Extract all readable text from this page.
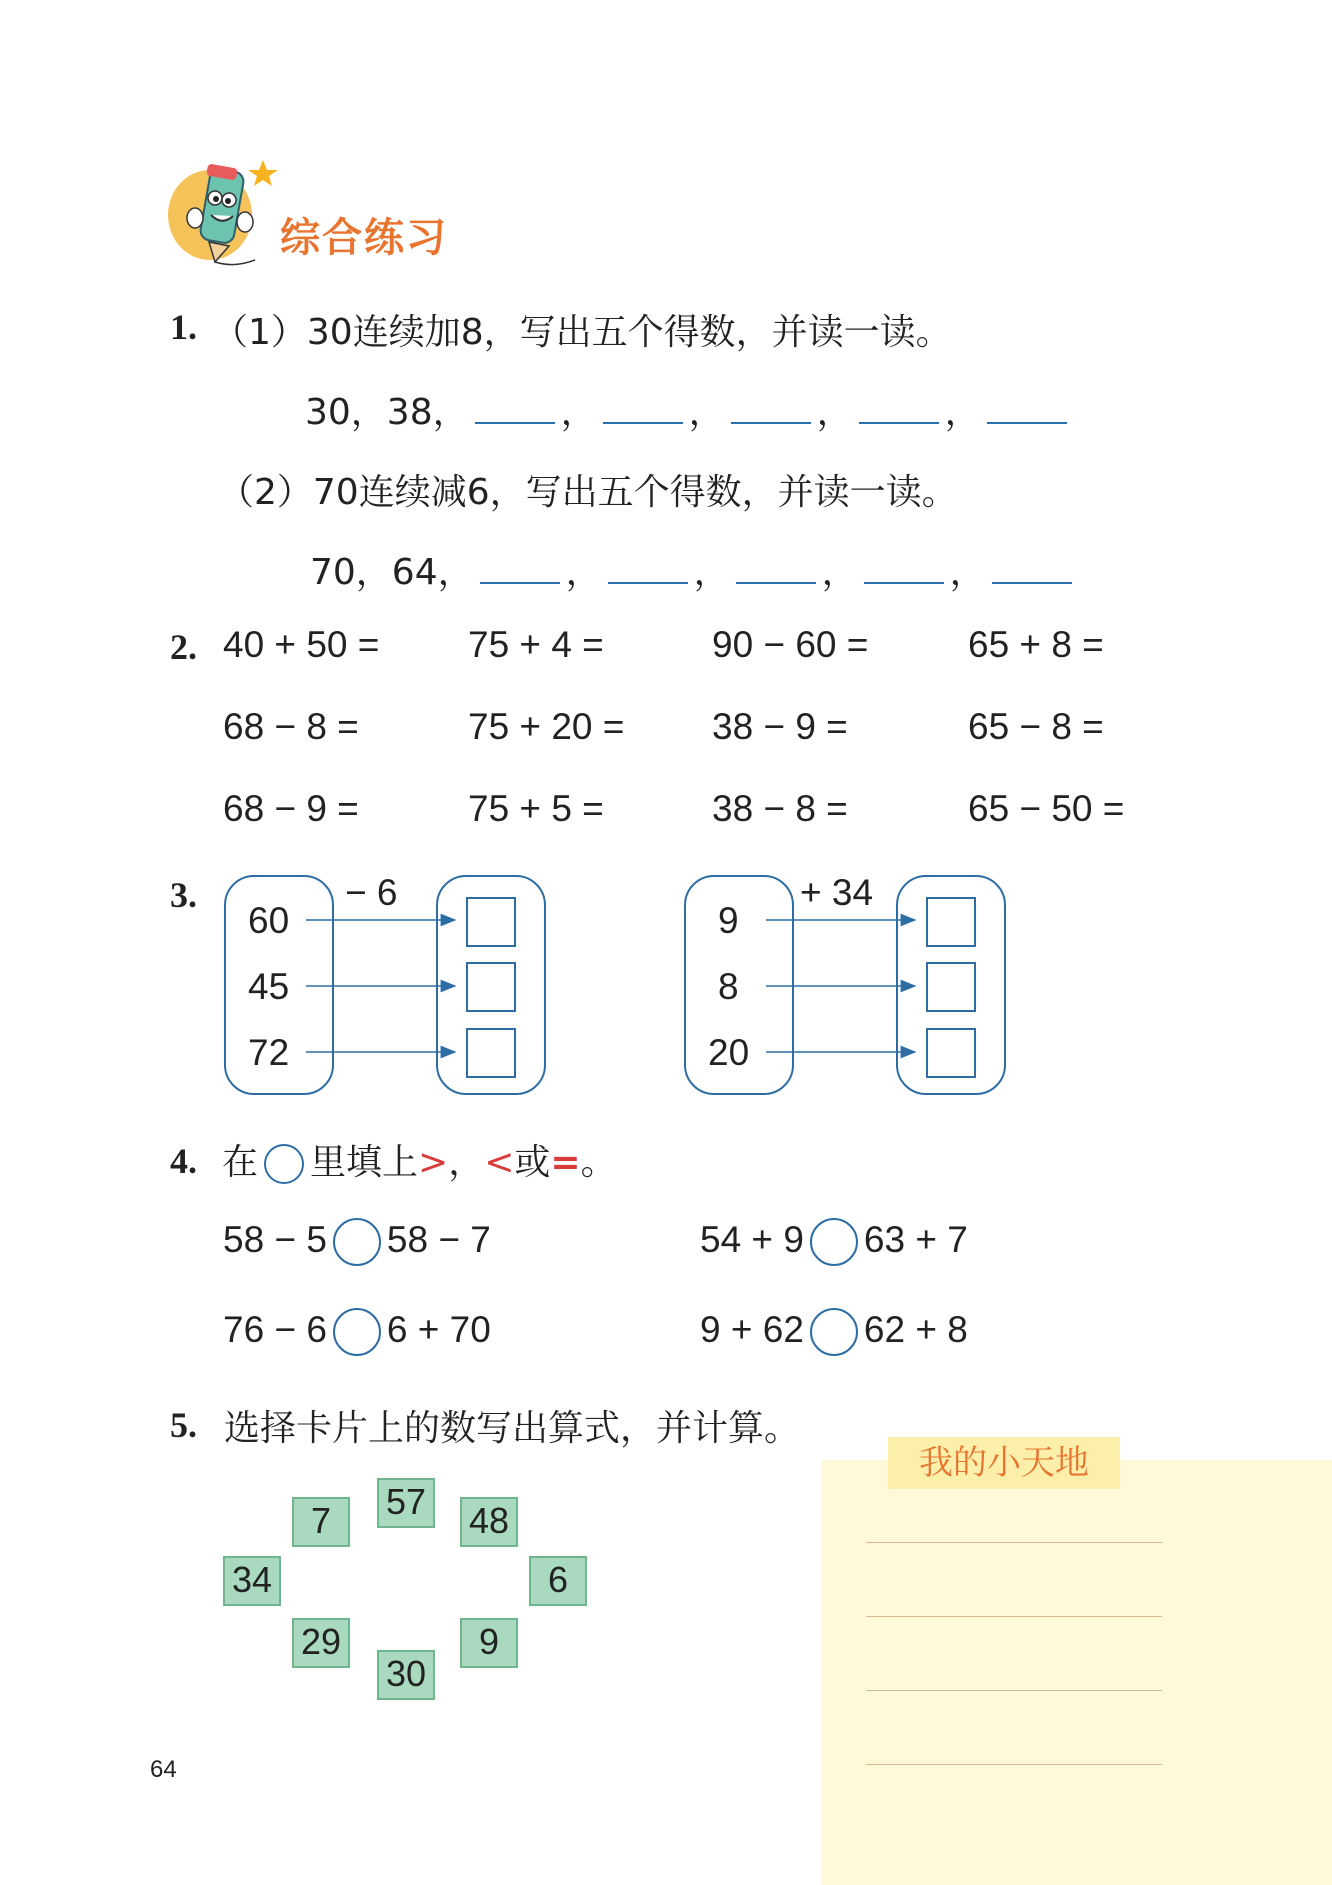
综合练习
1. （1）30连续加8，写出五个得数，并读一读。
30，38，	，	，	，	，
（2）70连续减6，写出五个得数，并读一读。
70，64，	，	，	，	，
2. 40 + 50 = 75 + 4 =	90 − 60 =	65 + 8 =
68 − 8 =	75 + 20 = 38 − 9 =	65 − 8 =
68 − 9 =	75 + 5 =	38 − 8 =	65 − 50 =
3.	− 6
60
45
72
+ 34
9
8
20
4. 在 里填上>，<或=。
58 − 5 58 − 7	54 + 9 63 + 7
76 − 6 6 + 70	9 + 62 62 + 8
5. 选择卡片上的数写出算式，并计算。
7	57 48
34	6
29
30
9
我的小天地
64
